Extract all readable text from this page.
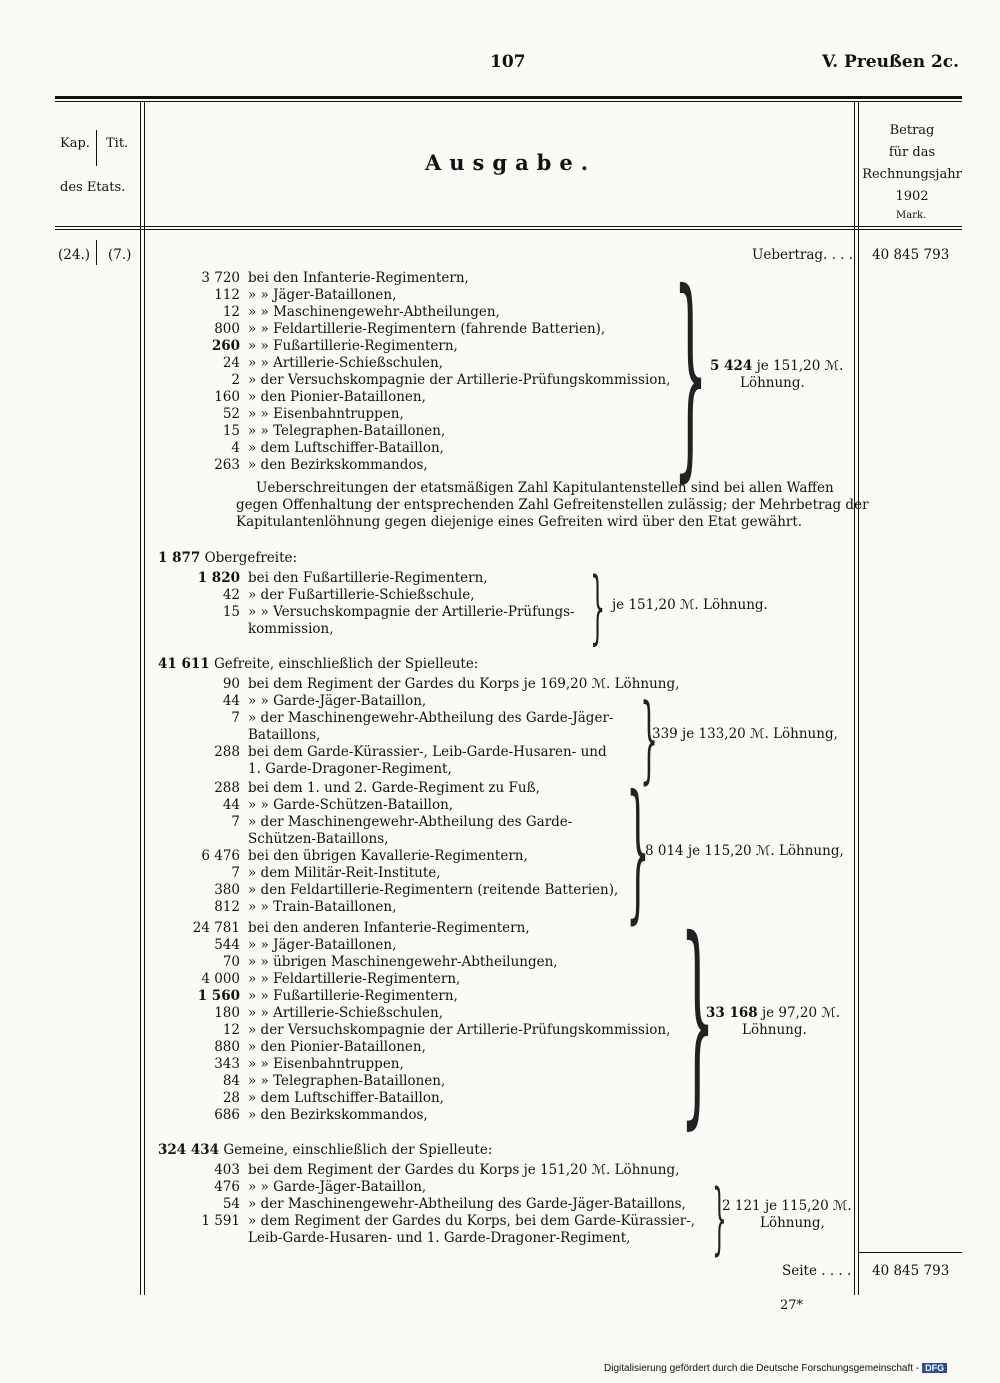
107	V. Preußen 2c.
Kap. Tit.
des Etats.
Ausgabe.
Betrag
für das
Rechnungsjahr
1902
Mark.
(24.) (7.)	Uebertrag. . . . 40 845 793
3 720 bei den Infanterie-Regimentern,
112 » » Jäger-Bataillonen,
12 » » Maschinengewehr-Abtheilungen,
800 » » Feldartillerie-Regimentern (fahrende Batterien),
260 » » Fußartillerie-Regimentern,
24 » » Artillerie-Schießschulen,
2 » der Versuchskompagnie der Artillerie-Prüfungskommission,
160 » den Pionier-Bataillonen,
52 » » Eisenbahntruppen,
15 » » Telegraphen-Bataillonen,
4 » dem Luftschiffer-Bataillon,
263 » den Bezirkskommandos,	} 5 424 je 151,20 ℳ.
Löhnung.
Ueberschreitungen der etatsmäßigen Zahl Kapitulantenstellen sind bei allen Waffen
gegen Offenhaltung der entsprechenden Zahl Gefreitenstellen zulässig; der Mehrbetrag der
Kapitulantenlöhnung gegen diejenige eines Gefreiten wird über den Etat gewährt.
1 877 Obergefreite:
1 820 bei den Fußartillerie-Regimentern,
42 » der Fußartillerie-Schießschule,
15 » » Versuchskompagnie der Artillerie-Prüfungs-
kommission,	} je 151,20 ℳ. Löhnung.
41 611 Gefreite, einschließlich der Spielleute:
90 bei dem Regiment der Gardes du Korps je 169,20 ℳ. Löhnung,
44 » » Garde-Jäger-Bataillon,
7 » der Maschinengewehr-Abtheilung des Garde-Jäger-
Bataillons,
288 bei dem Garde-Kürassier-, Leib-Garde-Husaren- und
1. Garde-Dragoner-Regiment,	}
339 je 133,20 ℳ. Löhnung,
288 bei dem 1. und 2. Garde-Regiment zu Fuß,
44 » » Garde-Schützen-Bataillon,
7 » der Maschinengewehr-Abtheilung des Garde-
Schützen-Bataillons,
6 476 bei den übrigen Kavallerie-Regimentern,
7 » dem Militär-Reit-Institute,
380 » den Feldartillerie-Regimentern (reitende Batterien),
812 » » Train-Bataillonen,	}
8 014 je 115,20 ℳ. Löhnung,
24 781 bei den anderen Infanterie-Regimentern,
544 » » Jäger-Bataillonen,
70 » » übrigen Maschinengewehr-Abtheilungen,
4 000 » » Feldartillerie-Regimentern,
1 560 » » Fußartillerie-Regimentern,
180 » » Artillerie-Schießschulen,
12 » der Versuchskompagnie der Artillerie-Prüfungskommission,
880 » den Pionier-Bataillonen,
343 » » Eisenbahntruppen,
84 » » Telegraphen-Bataillonen,
28 » dem Luftschiffer-Bataillon,
686 » den Bezirkskommandos,	}
33 168 je 97,20 ℳ.
Löhnung.
324 434 Gemeine, einschließlich der Spielleute:
403 bei dem Regiment der Gardes du Korps je 151,20 ℳ. Löhnung,
476 » » Garde-Jäger-Bataillon,
54 » der Maschinengewehr-Abtheilung des Garde-Jäger-Bataillons,
1 591 » dem Regiment der Gardes du Korps, bei dem Garde-Kürassier-,
Leib-Garde-Husaren- und 1. Garde-Dragoner-Regiment,	}
2 121 je 115,20 ℳ.
Löhnung,
Seite . . . . 40 845 793
27*
Digitalisierung gefördert durch die Deutsche Forschungsgemeinschaft - DFG
